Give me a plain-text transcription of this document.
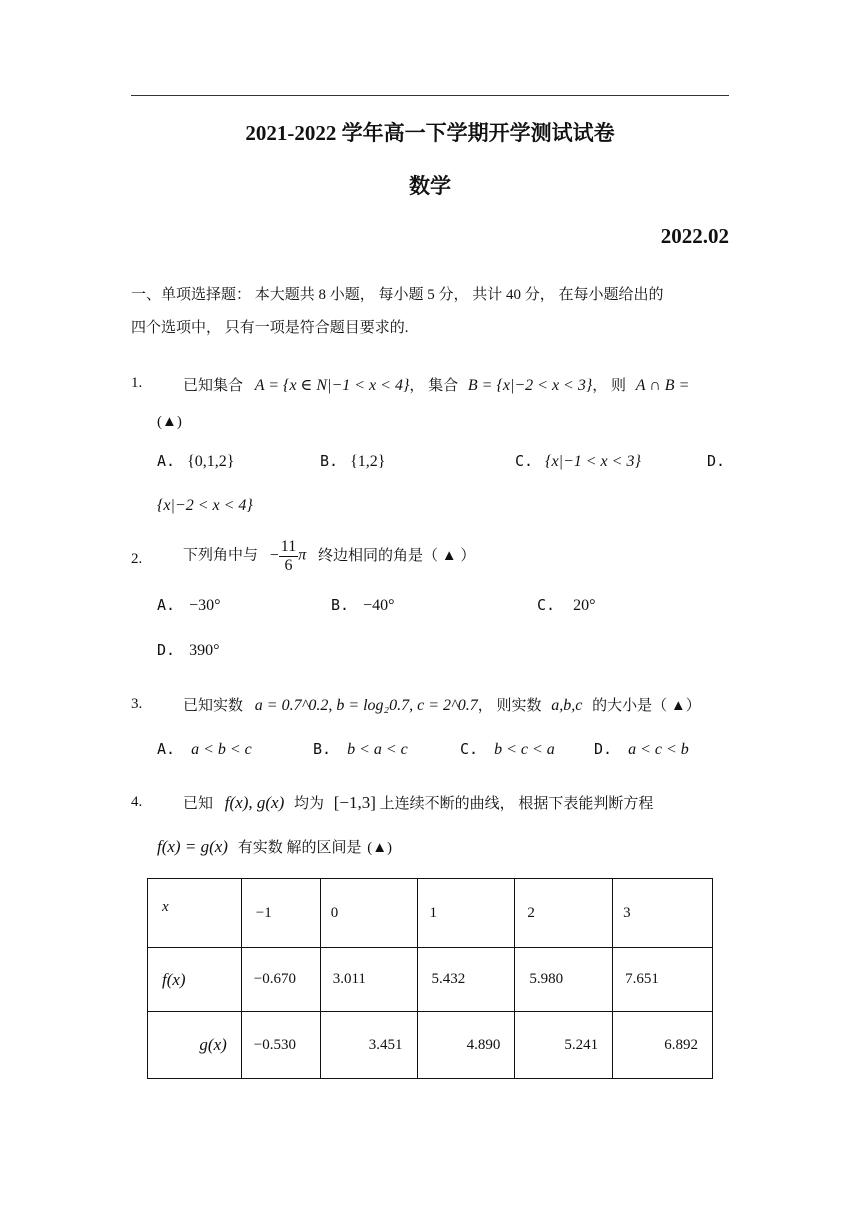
2021-2022 学年高一下学期开学测试试卷
数学
2022.02
一、单项选择题： 本大题共 8 小题， 每小题 5 分， 共计 40 分， 在每小题给出的
四个选项中， 只有一项是符合题目要求的.
1.	已知集合 A = {x ∈ N|−1 < x < 4}， 集合 B = {x|−2 < x < 3}， 则 A ∩ B =
(▲)
A. {0,1,2}	B. {1,2}	C. {x|−1 < x < 3}	D.
{x|−2 < x < 4}
2.	下列角中与 − $\frac{11}{6}$ π 终边相同的角是（ ▲ ）
A. −30°	B. −40°	C. 20°
D. 390°
3.	已知实数 a = 0.7^0.2, b = log₂0.7, c = 2^0.7， 则实数 a,b,c 的大小是（ ▲）
A. a < b < c	B. b < a < c	C. b < c < a	D. a < c < b
4.	已知 f(x), g(x) 均为 [−1,3] 上连续不断的曲线， 根据下表能判断方程
f(x) = g(x) 有实数 解的区间是 (▲)
x	−1	0	1	2	3
f(x)	−0.670	3.011	5.432	5.980	7.651
g(x)	−0.530	3.451	4.890	5.241	6.892
